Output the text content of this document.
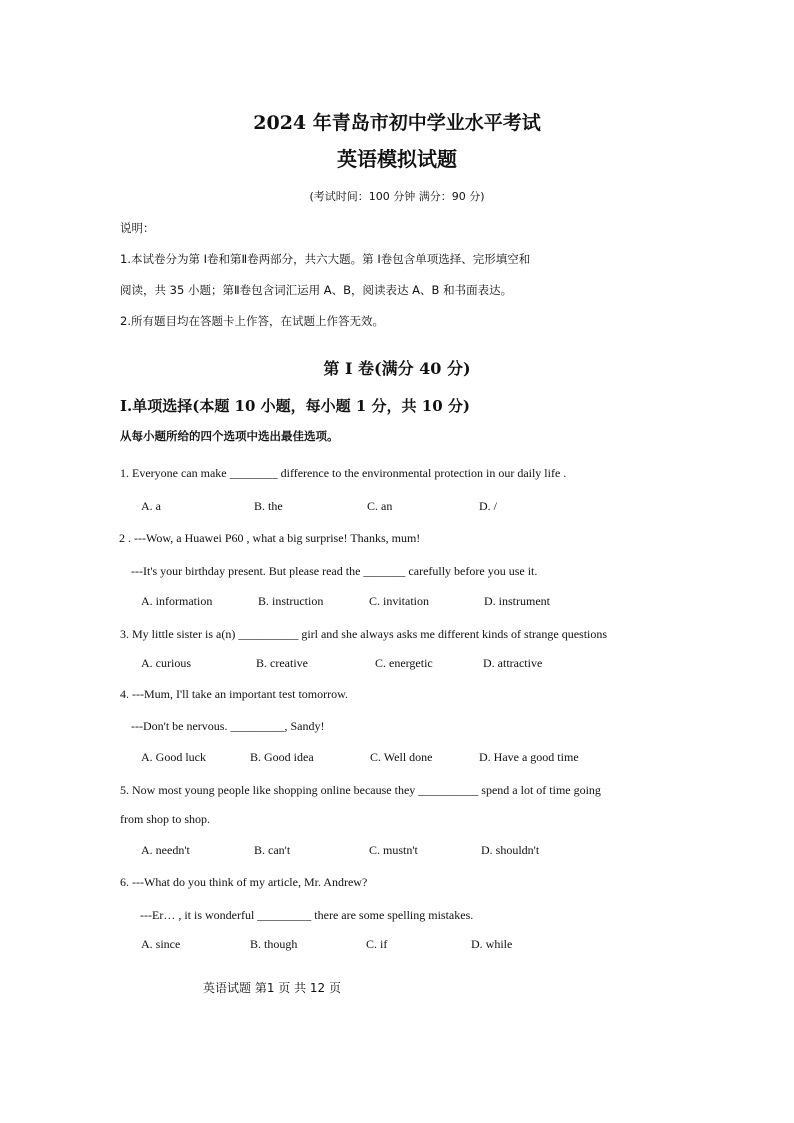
2024 年青岛市初中学业水平考试
英语模拟试题
(考试时间：100 分钟 满分：90 分)
说明：
1.本试卷分为第 Ⅰ卷和第Ⅱ卷两部分，共六大题。第 Ⅰ卷包含单项选择、完形填空和
阅读，共 35 小题；第Ⅱ卷包含词汇运用 A、B，阅读表达 A、B 和书面表达。
2.所有题目均在答题卡上作答，在试题上作答无效。
第 Ⅰ 卷(满分 40 分)
I.单项选择(本题 10 小题，每小题 1 分，共 10 分)
从每小题所给的四个选项中选出最佳选项。
1. Everyone can make ________ difference to the environmental protection in our daily life .
A. a	B. the	C. an	D. /
2 . ---Wow, a Huawei P60 , what a big surprise! Thanks, mum!
---It's your birthday present. But please read the _______ carefully before you use it.
A. information	B. instruction	C. invitation	D. instrument
3. My little sister is a(n) __________ girl and she always asks me different kinds of strange questions
A. curious	B. creative	C. energetic	D. attractive
4. ---Mum, I'll take an important test tomorrow.
---Don't be nervous. _________, Sandy!
A. Good luck	B. Good idea	C. Well done	D. Have a good time
5. Now most young people like shopping online because they __________ spend a lot of time going
from shop to shop.
A. needn't	B. can't	C. mustn't	D. shouldn't
6. ---What do you think of my article, Mr. Andrew?
---Er… , it is wonderful _________ there are some spelling mistakes.
A. since	B. though	C. if	D. while
英语试题 第1 页 共 12 页
